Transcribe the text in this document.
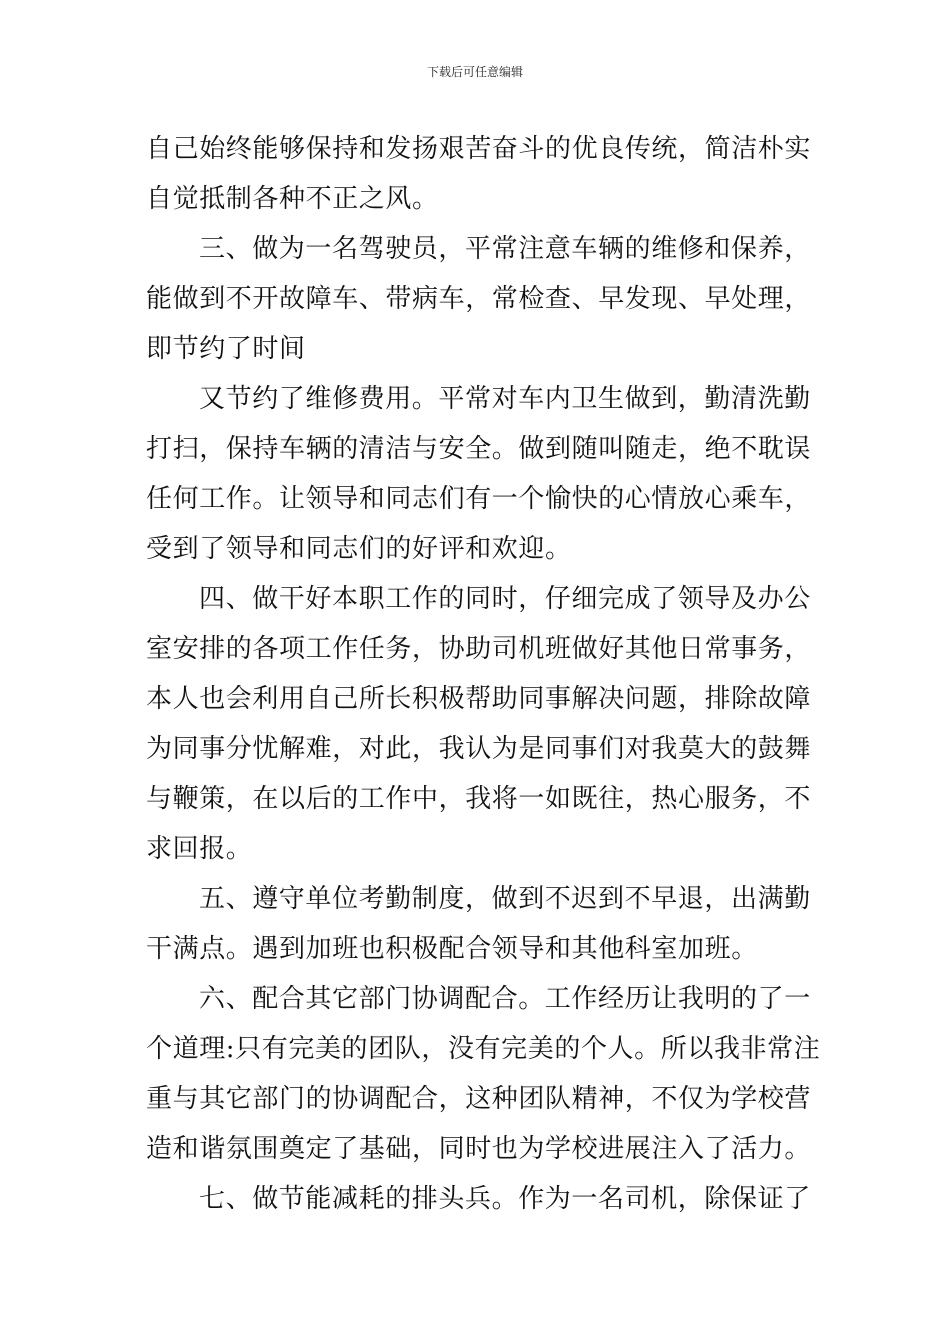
下载后可任意编辑
自己始终能够保持和发扬艰苦奋斗的优良传统，简洁朴实
自觉抵制各种不正之风。
三、做为一名驾驶员，平常注意车辆的维修和保养，
能做到不开故障车、带病车，常检查、早发现、早处理，
即节约了时间
又节约了维修费用。平常对车内卫生做到，勤清洗勤
打扫，保持车辆的清洁与安全。做到随叫随走，绝不耽误
任何工作。让领导和同志们有一个愉快的心情放心乘车，
受到了领导和同志们的好评和欢迎。
四、做干好本职工作的同时，仔细完成了领导及办公
室安排的各项工作任务，协助司机班做好其他日常事务，
本人也会利用自己所长积极帮助同事解决问题，排除故障
为同事分忧解难，对此，我认为是同事们对我莫大的鼓舞
与鞭策，在以后的工作中，我将一如既往，热心服务，不
求回报。
五、遵守单位考勤制度，做到不迟到不早退，出满勤
干满点。遇到加班也积极配合领导和其他科室加班。
六、配合其它部门协调配合。工作经历让我明的了一
个道理:只有完美的团队，没有完美的个人。所以我非常注
重与其它部门的协调配合，这种团队精神，不仅为学校营
造和谐氛围奠定了基础，同时也为学校进展注入了活力。
七、做节能减耗的排头兵。作为一名司机，除保证了
